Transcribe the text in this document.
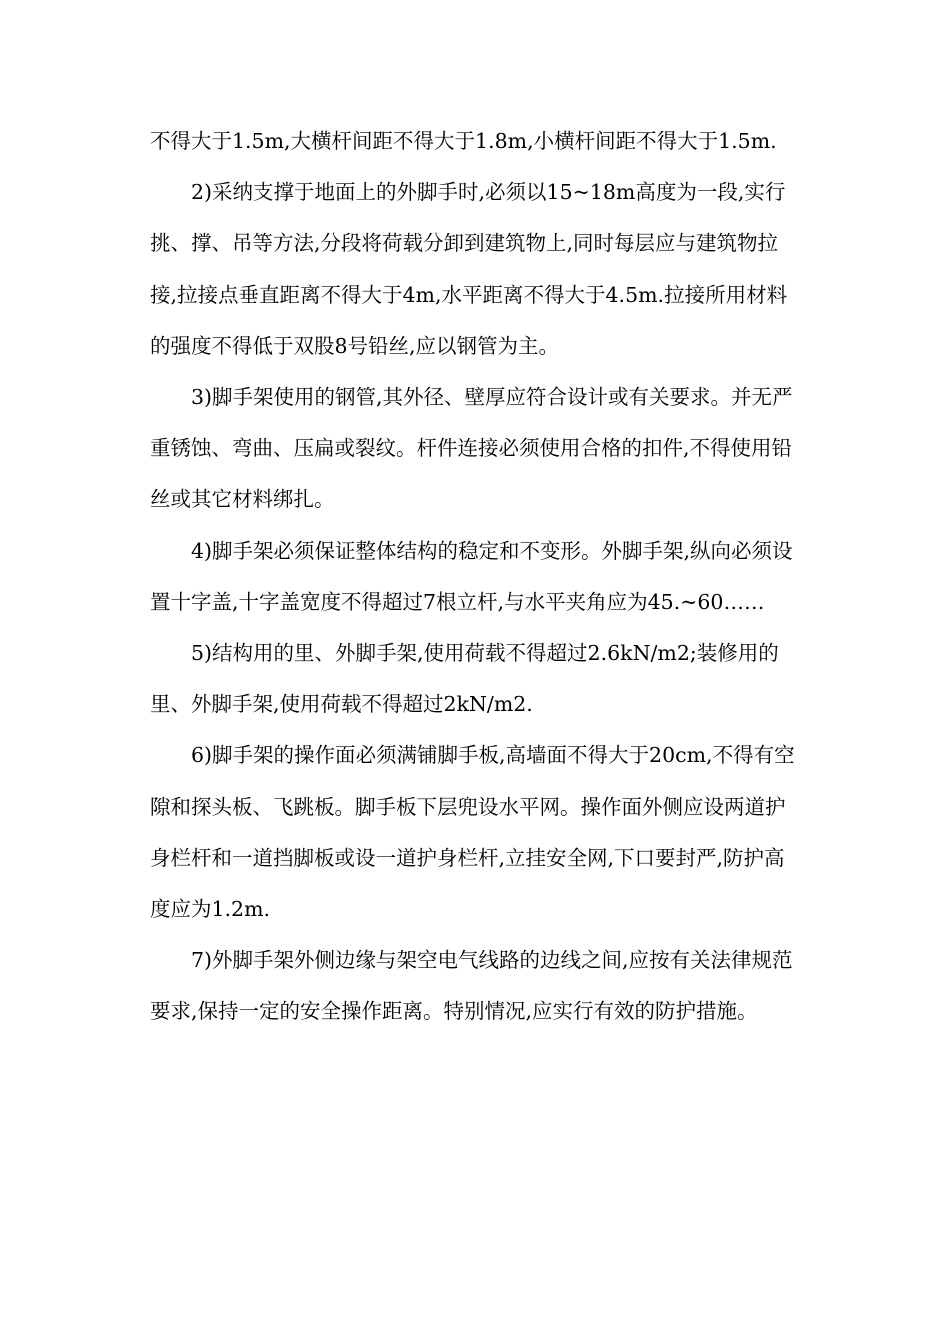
不得大于1.5m,大横杆间距不得大于1.8m,小横杆间距不得大于1.5m.

2)采纳支撑于地面上的外脚手时,必须以15~18m高度为一段,实行挑、撑、吊等方法,分段将荷载分卸到建筑物上,同时每层应与建筑物拉接,拉接点垂直距离不得大于4m,水平距离不得大于4.5m.拉接所用材料的强度不得低于双股8号铅丝,应以钢管为主。

3)脚手架使用的钢管,其外径、壁厚应符合设计或有关要求。并无严重锈蚀、弯曲、压扁或裂纹。杆件连接必须使用合格的扣件,不得使用铅丝或其它材料绑扎。

4)脚手架必须保证整体结构的稳定和不变形。外脚手架,纵向必须设置十字盖,十字盖宽度不得超过7根立杆,与水平夹角应为45.~60……

5)结构用的里、外脚手架,使用荷载不得超过2.6kN/m2;装修用的里、外脚手架,使用荷载不得超过2kN/m2.

6)脚手架的操作面必须满铺脚手板,高墙面不得大于20cm,不得有空隙和探头板、飞跳板。脚手板下层兜设水平网。操作面外侧应设两道护身栏杆和一道挡脚板或设一道护身栏杆,立挂安全网,下口要封严,防护高度应为1.2m.

7)外脚手架外侧边缘与架空电气线路的边线之间,应按有关法律规范要求,保持一定的安全操作距离。特别情况,应实行有效的防护措施。
